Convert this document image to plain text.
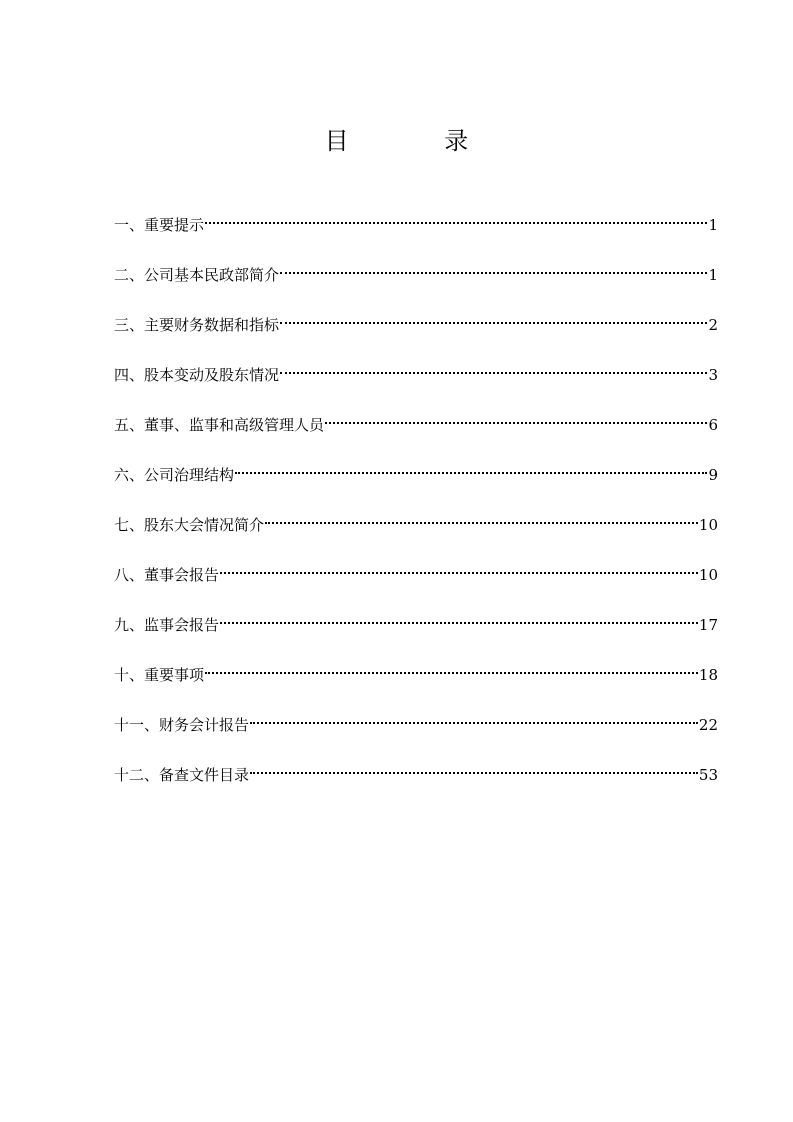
目 录
一、重要提示	1
二、公司基本民政部简介	1
三、主要财务数据和指标	2
四、股本变动及股东情况	3
五、董事、监事和高级管理人员	6
六、公司治理结构	9
七、股东大会情况简介	10
八、董事会报告	10
九、监事会报告	17
十、重要事项	18
十一、财务会计报告	22
十二、备查文件目录	53
